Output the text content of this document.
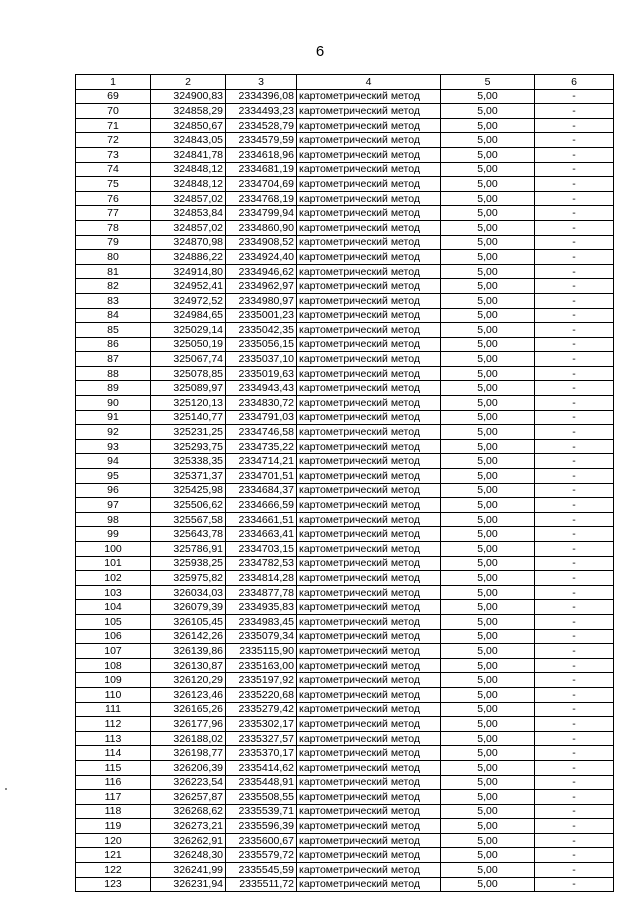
6
1	2	3	4	5	6
69	324900,83	2334396,08	картометрический метод	5,00	-
70	324858,29	2334493,23	картометрический метод	5,00	-
71	324850,67	2334528,79	картометрический метод	5,00	-
72	324843,05	2334579,59	картометрический метод	5,00	-
73	324841,78	2334618,96	картометрический метод	5,00	-
74	324848,12	2334681,19	картометрический метод	5,00	-
75	324848,12	2334704,69	картометрический метод	5,00	-
76	324857,02	2334768,19	картометрический метод	5,00	-
77	324853,84	2334799,94	картометрический метод	5,00	-
78	324857,02	2334860,90	картометрический метод	5,00	-
79	324870,98	2334908,52	картометрический метод	5,00	-
80	324886,22	2334924,40	картометрический метод	5,00	-
81	324914,80	2334946,62	картометрический метод	5,00	-
82	324952,41	2334962,97	картометрический метод	5,00	-
83	324972,52	2334980,97	картометрический метод	5,00	-
84	324984,65	2335001,23	картометрический метод	5,00	-
85	325029,14	2335042,35	картометрический метод	5,00	-
86	325050,19	2335056,15	картометрический метод	5,00	-
87	325067,74	2335037,10	картометрический метод	5,00	-
88	325078,85	2335019,63	картометрический метод	5,00	-
89	325089,97	2334943,43	картометрический метод	5,00	-
90	325120,13	2334830,72	картометрический метод	5,00	-
91	325140,77	2334791,03	картометрический метод	5,00	-
92	325231,25	2334746,58	картометрический метод	5,00	-
93	325293,75	2334735,22	картометрический метод	5,00	-
94	325338,35	2334714,21	картометрический метод	5,00	-
95	325371,37	2334701,51	картометрический метод	5,00	-
96	325425,98	2334684,37	картометрический метод	5,00	-
97	325506,62	2334666,59	картометрический метод	5,00	-
98	325567,58	2334661,51	картометрический метод	5,00	-
99	325643,78	2334663,41	картометрический метод	5,00	-
100	325786,91	2334703,15	картометрический метод	5,00	-
101	325938,25	2334782,53	картометрический метод	5,00	-
102	325975,82	2334814,28	картометрический метод	5,00	-
103	326034,03	2334877,78	картометрический метод	5,00	-
104	326079,39	2334935,83	картометрический метод	5,00	-
105	326105,45	2334983,45	картометрический метод	5,00	-
106	326142,26	2335079,34	картометрический метод	5,00	-
107	326139,86	2335115,90	картометрический метод	5,00	-
108	326130,87	2335163,00	картометрический метод	5,00	-
109	326120,29	2335197,92	картометрический метод	5,00	-
110	326123,46	2335220,68	картометрический метод	5,00	-
111	326165,26	2335279,42	картометрический метод	5,00	-
112	326177,96	2335302,17	картометрический метод	5,00	-
113	326188,02	2335327,57	картометрический метод	5,00	-
114	326198,77	2335370,17	картометрический метод	5,00	-
115	326206,39	2335414,62	картометрический метод	5,00	-
116	326223,54	2335448,91	картометрический метод	5,00	-
117	326257,87	2335508,55	картометрический метод	5,00	-
118	326268,62	2335539,71	картометрический метод	5,00	-
119	326273,21	2335596,39	картометрический метод	5,00	-
120	326262,91	2335600,67	картометрический метод	5,00	-
121	326248,30	2335579,72	картометрический метод	5,00	-
122	326241,99	2335545,59	картометрический метод	5,00	-
123	326231,94	2335511,72	картометрический метод	5,00	-
